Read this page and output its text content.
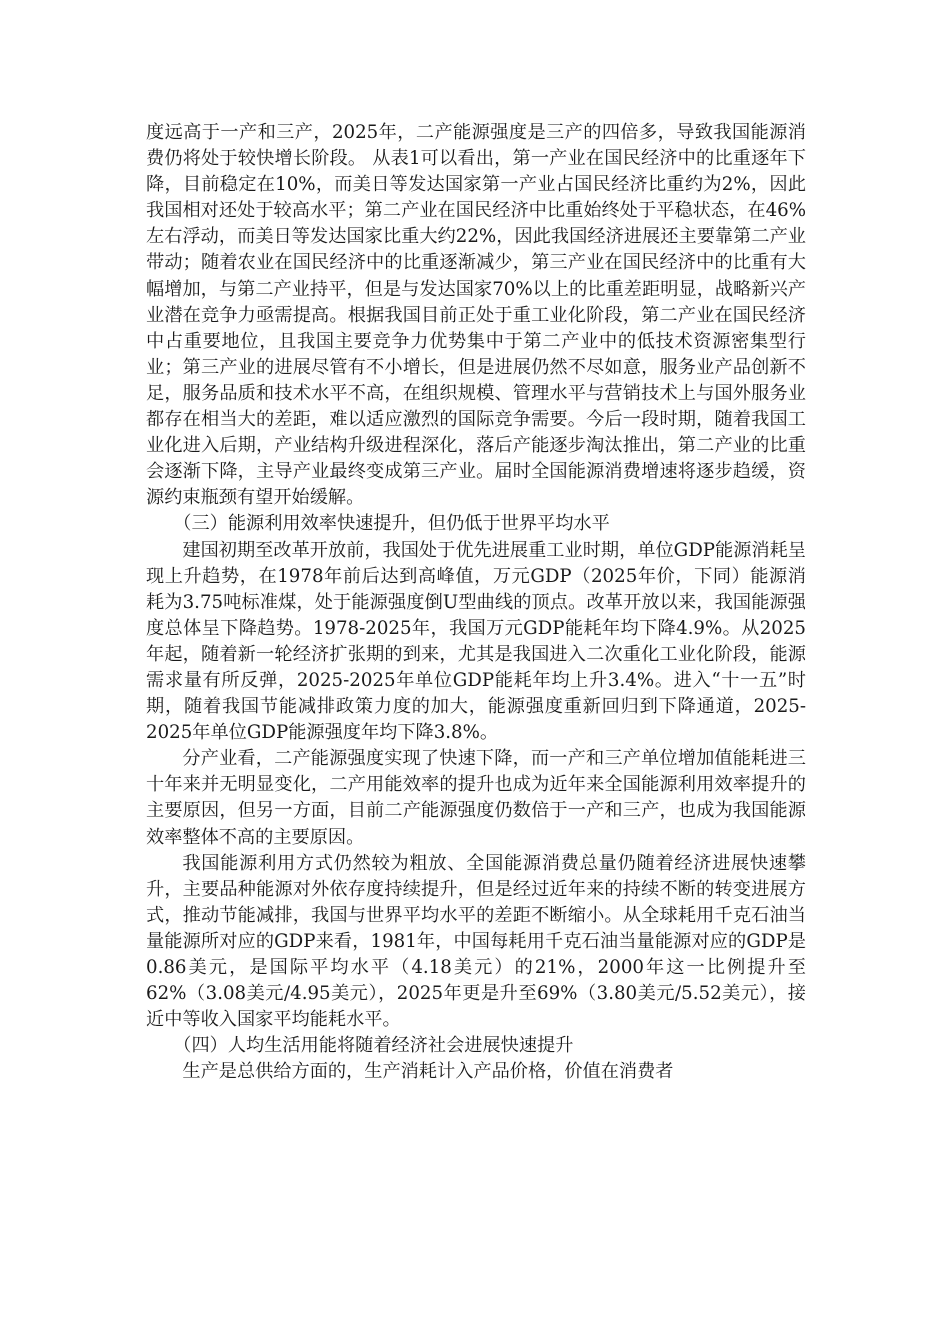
度远高于一产和三产，2025年，二产能源强度是三产的四倍多，导致我国能源消费仍将处于较快增长阶段。 从表1可以看出，第一产业在国民经济中的比重逐年下降，目前稳定在10%，而美日等发达国家第一产业占国民经济比重约为2%，因此我国相对还处于较高水平；第二产业在国民经济中比重始终处于平稳状态，在46%左右浮动，而美日等发达国家比重大约22%，因此我国经济进展还主要靠第二产业带动；随着农业在国民经济中的比重逐渐减少，第三产业在国民经济中的比重有大幅增加，与第二产业持平，但是与发达国家70%以上的比重差距明显，战略新兴产业潜在竞争力亟需提高。根据我国目前正处于重工业化阶段，第二产业在国民经济中占重要地位，且我国主要竞争力优势集中于第二产业中的低技术资源密集型行业；第三产业的进展尽管有不小增长，但是进展仍然不尽如意，服务业产品创新不足，服务品质和技术水平不高，在组织规模、管理水平与营销技术上与国外服务业都存在相当大的差距，难以适应激烈的国际竞争需要。今后一段时期，随着我国工业化进入后期，产业结构升级进程深化，落后产能逐步淘汰推出，第二产业的比重会逐渐下降，主导产业最终变成第三产业。届时全国能源消费增速将逐步趋缓，资源约束瓶颈有望开始缓解。

（三）能源利用效率快速提升，但仍低于世界平均水平

建国初期至改革开放前，我国处于优先进展重工业时期，单位GDP能源消耗呈现上升趋势，在1978年前后达到高峰值，万元GDP（2025年价，下同）能源消耗为3.75吨标准煤，处于能源强度倒U型曲线的顶点。改革开放以来，我国能源强度总体呈下降趋势。1978-2025年，我国万元GDP能耗年均下降4.9%。从2025年起，随着新一轮经济扩张期的到来，尤其是我国进入二次重化工业化阶段，能源需求量有所反弹，2025-2025年单位GDP能耗年均上升3.4%。进入“十一五”时期，随着我国节能减排政策力度的加大，能源强度重新回归到下降通道，2025-2025年单位GDP能源强度年均下降3.8%。

分产业看，二产能源强度实现了快速下降，而一产和三产单位增加值能耗进三十年来并无明显变化，二产用能效率的提升也成为近年来全国能源利用效率提升的主要原因，但另一方面，目前二产能源强度仍数倍于一产和三产，也成为我国能源效率整体不高的主要原因。

我国能源利用方式仍然较为粗放、全国能源消费总量仍随着经济进展快速攀升，主要品种能源对外依存度持续提升，但是经过近年来的持续不断的转变进展方式，推动节能减排，我国与世界平均水平的差距不断缩小。从全球耗用千克石油当量能源所对应的GDP来看，1981年，中国每耗用千克石油当量能源对应的GDP是0.86美元，是国际平均水平（4.18美元）的21%，2000年这一比例提升至62%（3.08美元/4.95美元），2025年更是升至69%（3.80美元/5.52美元），接近中等收入国家平均能耗水平。

（四）人均生活用能将随着经济社会进展快速提升

生产是总供给方面的，生产消耗计入产品价格，价值在消费者
